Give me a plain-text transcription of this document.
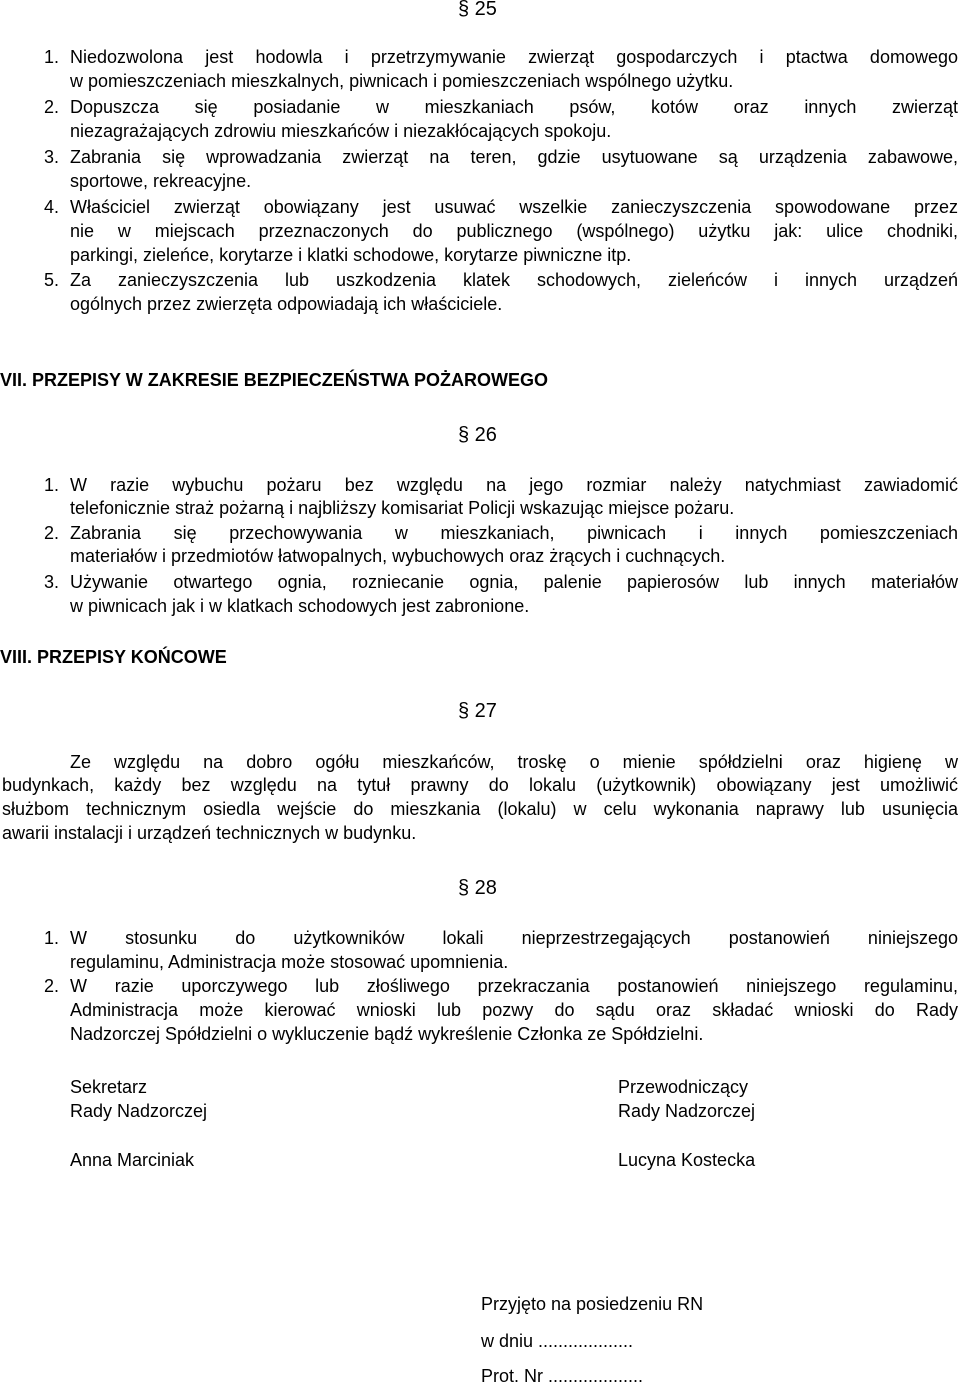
§ 25
1. Niedozwolona jest hodowla i przetrzymywanie zwierząt gospodarczych i ptactwa domowego
w pomieszczeniach mieszkalnych, piwnicach i pomieszczeniach wspólnego użytku.
2. Dopuszcza się posiadanie w mieszkaniach psów, kotów oraz innych zwierząt
niezagrażających zdrowiu mieszkańców i niezakłócających spokoju.
3. Zabrania się wprowadzania zwierząt na teren, gdzie usytuowane są urządzenia zabawowe,
sportowe, rekreacyjne.
4. Właściciel zwierząt obowiązany jest usuwać wszelkie zanieczyszczenia spowodowane przez
nie w miejscach przeznaczonych do publicznego (wspólnego) użytku jak: ulice chodniki,
parkingi, zieleńce, korytarze i klatki schodowe, korytarze piwniczne itp.
5. Za zanieczyszczenia lub uszkodzenia klatek schodowych, zieleńców i innych urządzeń
ogólnych przez zwierzęta odpowiadają ich właściciele.
VII. PRZEPISY W ZAKRESIE BEZPIECZEŃSTWA POŻAROWEGO
§ 26
1. W razie wybuchu pożaru bez względu na jego rozmiar należy natychmiast zawiadomić
telefonicznie straż pożarną i najbliższy komisariat Policji wskazując miejsce pożaru.
2. Zabrania się przechowywania w mieszkaniach, piwnicach i innych pomieszczeniach
materiałów i przedmiotów łatwopalnych, wybuchowych oraz żrących i cuchnących.
3. Używanie otwartego ognia, rozniecanie ognia, palenie papierosów lub innych materiałów
w piwnicach jak i w klatkach schodowych jest zabronione.
VIII. PRZEPISY KOŃCOWE
§ 27
Ze względu na dobro ogółu mieszkańców, troskę o mienie spółdzielni oraz higienę w
budynkach, każdy bez względu na tytuł prawny do lokalu (użytkownik) obowiązany jest umożliwić
służbom technicznym osiedla wejście do mieszkania (lokalu) w celu wykonania naprawy lub usunięcia
awarii instalacji i urządzeń technicznych w budynku.
§ 28
1. W stosunku do użytkowników lokali nieprzestrzegających postanowień niniejszego
regulaminu, Administracja może stosować upomnienia.
2. W razie uporczywego lub złośliwego przekraczania postanowień niniejszego regulaminu,
Administracja może kierować wnioski lub pozwy do sądu oraz składać wnioski do Rady
Nadzorczej Spółdzielni o wykluczenie bądź wykreślenie Członka ze Spółdzielni.
Sekretarz
Rady Nadzorczej
Anna Marciniak
Przewodniczący
Rady Nadzorczej
Lucyna Kostecka
Przyjęto na posiedzeniu RN
w dniu ...................
Prot. Nr ...................
